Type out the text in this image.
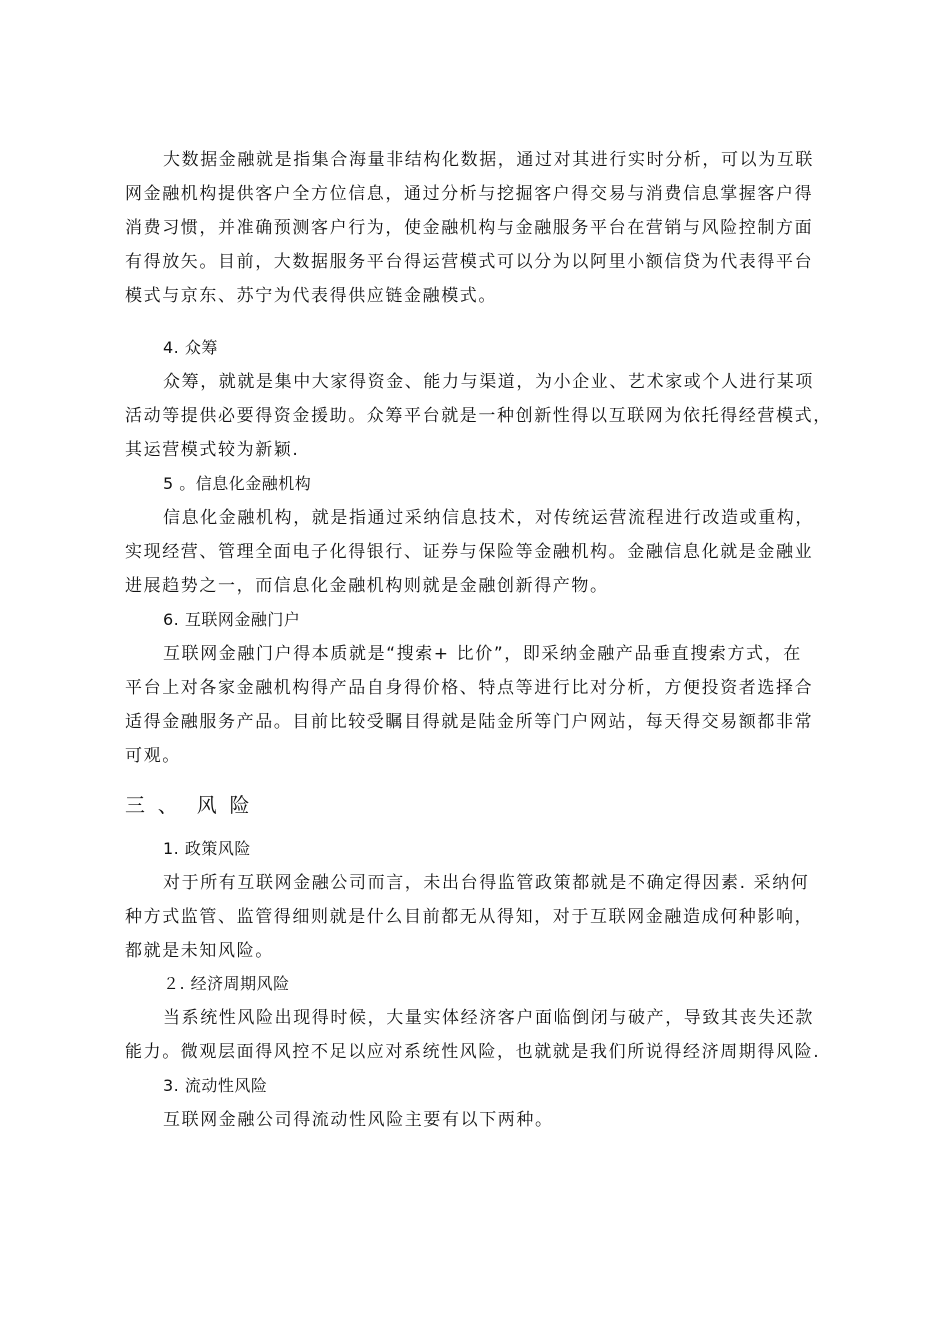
大数据金融就是指集合海量非结构化数据，通过对其进行实时分析，可以为互联
网金融机构提供客户全方位信息，通过分析与挖掘客户得交易与消费信息掌握客户得
消费习惯，并准确预测客户行为，使金融机构与金融服务平台在营销与风险控制方面
有得放矢。目前，大数据服务平台得运营模式可以分为以阿里小额信贷为代表得平台
模式与京东、苏宁为代表得供应链金融模式。
4. 众筹
众筹，就就是集中大家得资金、能力与渠道，为小企业、艺术家或个人进行某项
活动等提供必要得资金援助。众筹平台就是一种创新性得以互联网为依托得经营模式，
其运营模式较为新颖.
5 。信息化金融机构
信息化金融机构，就是指通过采纳信息技术，对传统运营流程进行改造或重构，
实现经营、管理全面电子化得银行、证券与保险等金融机构。金融信息化就是金融业
进展趋势之一，而信息化金融机构则就是金融创新得产物。
6. 互联网金融门户
互联网金融门户得本质就是“搜索+ 比价”，即采纳金融产品垂直搜索方式，在
平台上对各家金融机构得产品自身得价格、特点等进行比对分析，方便投资者选择合
适得金融服务产品。目前比较受瞩目得就是陆金所等门户网站，每天得交易额都非常
可观。
三  、   风  险
1. 政策风险
对于所有互联网金融公司而言，未出台得监管政策都就是不确定得因素. 采纳何
种方式监管、监管得细则就是什么目前都无从得知，对于互联网金融造成何种影响，
都就是未知风险。
２. 经济周期风险
当系统性风险出现得时候，大量实体经济客户面临倒闭与破产，导致其丧失还款
能力。微观层面得风控不足以应对系统性风险，也就就是我们所说得经济周期得风险.
3. 流动性风险
互联网金融公司得流动性风险主要有以下两种。
